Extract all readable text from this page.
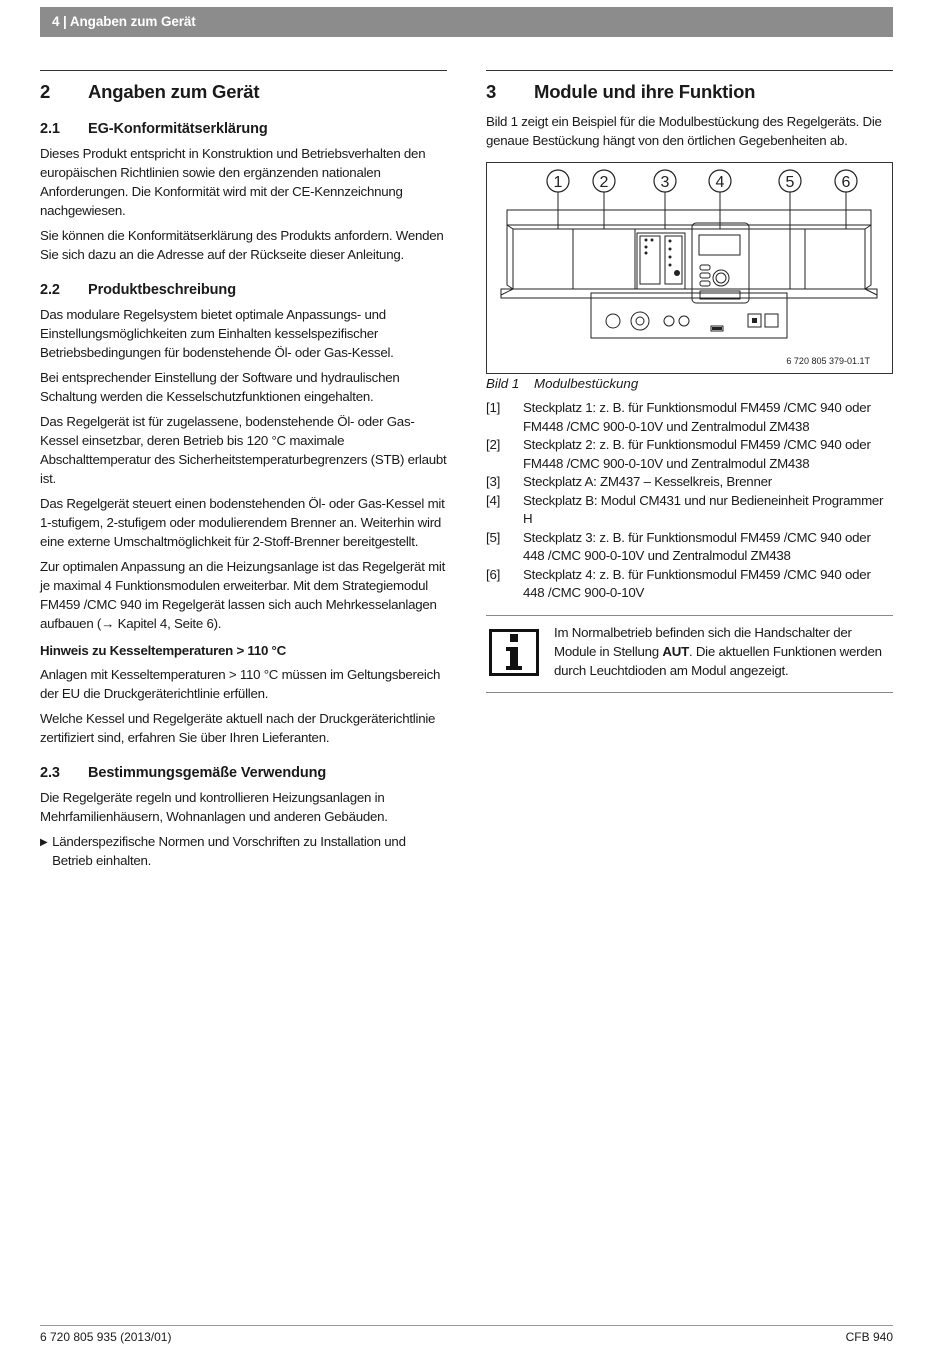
4 | Angaben zum Gerät
2	Angaben zum Gerät
2.1	EG-Konformitätserklärung

Dieses Produkt entspricht in Konstruktion und Betriebsverhalten den europäischen Richtlinien sowie den ergänzenden nationalen Anforderungen. Die Konformität wird mit der CE-Kennzeichnung nachgewiesen.

Sie können die Konformitätserklärung des Produkts anfordern. Wenden Sie sich dazu an die Adresse auf der Rückseite dieser Anleitung.

2.2	Produktbeschreibung

Das modulare Regelsystem bietet optimale Anpassungs- und Einstellungsmöglichkeiten zum Einhalten kesselspezifischer Betriebsbedingungen für bodenstehende Öl- oder Gas-Kessel.

Bei entsprechender Einstellung der Software und hydraulischen Schaltung werden die Kesselschutzfunktionen eingehalten.

Das Regelgerät ist für zugelassene, bodenstehende Öl- oder Gas-Kessel einsetzbar, deren Betrieb bis 120 °C maximale Abschalttemperatur des Sicherheitstemperaturbegrenzers (STB) erlaubt ist.

Das Regelgerät steuert einen bodenstehenden Öl- oder Gas-Kessel mit 1-stufigem, 2-stufigem oder modulierendem Brenner an. Weiterhin wird eine externe Umschaltmöglichkeit für 2-Stoff-Brenner bereitgestellt.

Zur optimalen Anpassung an die Heizungsanlage ist das Regelgerät mit je maximal 4 Funktionsmodulen erweiterbar. Mit dem Strategiemodul FM459 /CMC 940 im Regelgerät lassen sich auch Mehrkesselanlagen aufbauen (→ Kapitel 4, Seite 6).

Hinweis zu Kesseltemperaturen > 110 °C

Anlagen mit Kesseltemperaturen > 110 °C müssen im Geltungsbereich der EU die Druckgeräterichtlinie erfüllen.

Welche Kessel und Regelgeräte aktuell nach der Druckgeräterichtlinie zertifiziert sind, erfahren Sie über Ihren Lieferanten.

2.3	Bestimmungsgemäße Verwendung

Die Regelgeräte regeln und kontrollieren Heizungsanlagen in Mehrfamilienhäusern, Wohnanlagen und anderen Gebäuden.

▶ Länderspezifische Normen und Vorschriften zu Installation und Betrieb einhalten.
3	Module und ihre Funktion

Bild 1 zeigt ein Beispiel für die Modulbestückung des Regelgeräts. Die genaue Bestückung hängt von den örtlichen Gegebenheiten ab.

1 2	3	4	5	6
6 720 805 379-01.1T
Bild 1	Modulbestückung
[1]	Steckplatz 1: z. B. für Funktionsmodul FM459 /CMC 940 oder FM448 /CMC 900-0-10V und Zentralmodul ZM438
[2]	Steckplatz 2: z. B. für Funktionsmodul FM459 /CMC 940 oder FM448 /CMC 900-0-10V und Zentralmodul ZM438
[3]	Steckplatz A: ZM437 – Kesselkreis, Brenner
[4]	Steckplatz B: Modul CM431 und nur Bedieneinheit Programmer H
[5]	Steckplatz 3: z. B. für Funktionsmodul FM459 /CMC 940 oder 448 /CMC 900-0-10V und Zentralmodul ZM438
[6]	Steckplatz 4: z. B. für Funktionsmodul FM459 /CMC 940 oder 448 /CMC 900-0-10V
Im Normalbetrieb befinden sich die Handschalter der Module in Stellung AUT. Die aktuellen Funktionen werden durch Leuchtdioden am Modul angezeigt.
6 720 805 935 (2013/01)	CFB 940
